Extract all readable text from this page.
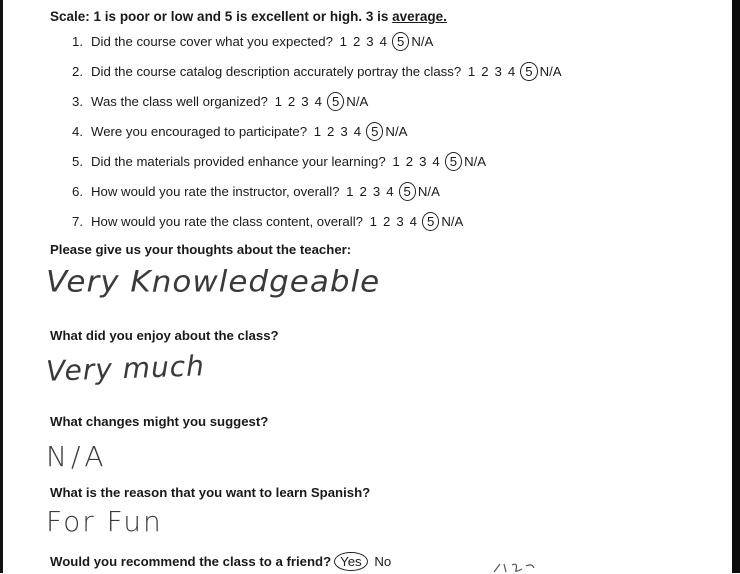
Scale: 1 is poor or low and 5 is excellent or high. 3 is average.
1. Did the course cover what you expected? 1 2 3 4 5 N/A
2. Did the course catalog description accurately portray the class? 1 2 3 4 5 N/A
3. Was the class well organized? 1 2 3 4 5 N/A
4. Were you encouraged to participate? 1 2 3 4 5 N/A
5. Did the materials provided enhance your learning? 1 2 3 4 5 N/A
6. How would you rate the instructor, overall? 1 2 3 4 5 N/A
7. How would you rate the class content, overall? 1 2 3 4 5 N/A
Please give us your thoughts about the teacher:
Very Knowledgeable
What did you enjoy about the class?
Very much
What changes might you suggest?
N/A
What is the reason that you want to learn Spanish?
For Fun
Would you recommend the class to a friend? Yes No
